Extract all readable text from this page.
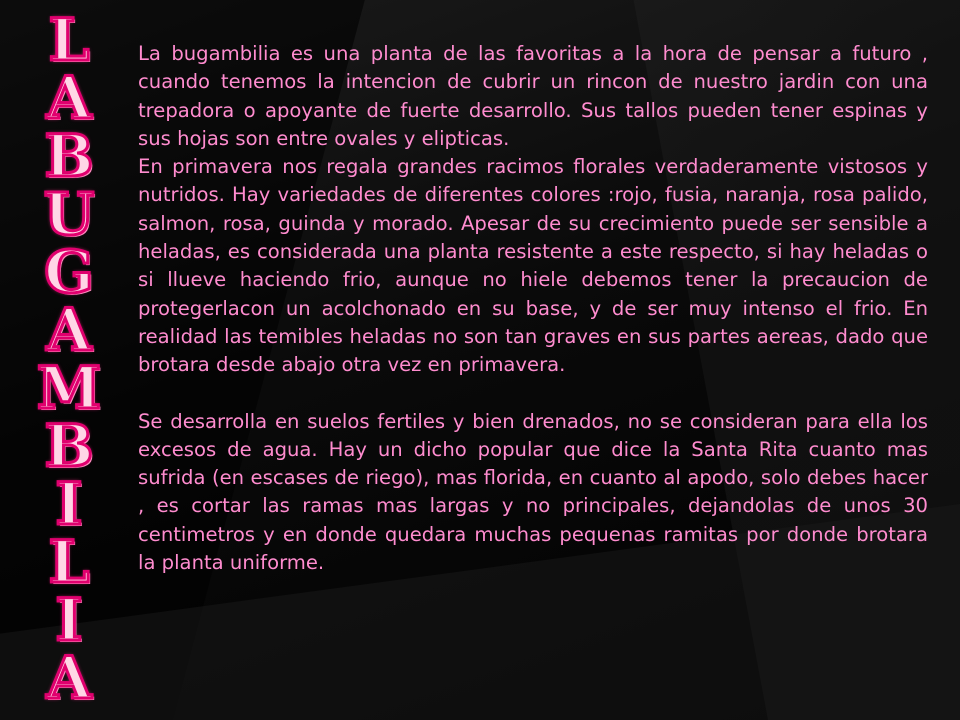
L
A
B
U
G
A
M
B
I
L
I
A

La bugambilia es una planta de las favoritas a la hora de pensar a futuro , cuando tenemos la intencion de cubrir un rincon de nuestro jardin con una trepadora o apoyante de fuerte desarrollo. Sus tallos pueden tener espinas y sus hojas son entre ovales y elipticas.

En primavera nos regala grandes racimos florales verdaderamente vistosos y nutridos. Hay variedades de diferentes colores :rojo, fusia, naranja, rosa palido, salmon, rosa, guinda y morado. Apesar de su crecimiento puede ser sensible a heladas, es considerada una planta resistente a este respecto, si hay heladas o si llueve haciendo frio, aunque no hiele debemos tener la precaucion de protegerlacon un acolchonado en su base, y de ser muy intenso el frio. En realidad las temibles heladas no son tan graves en sus partes aereas, dado que brotara desde abajo otra vez en primavera.

Se desarrolla en suelos fertiles y bien drenados, no se consideran para ella los excesos de agua. Hay un dicho popular que dice la Santa Rita cuanto mas sufrida (en escases de riego), mas florida, en cuanto al apodo, solo debes hacer , es cortar las ramas mas largas y no principales, dejandolas de unos 30 centimetros y en donde quedara muchas pequenas ramitas por donde brotara la planta uniforme.
